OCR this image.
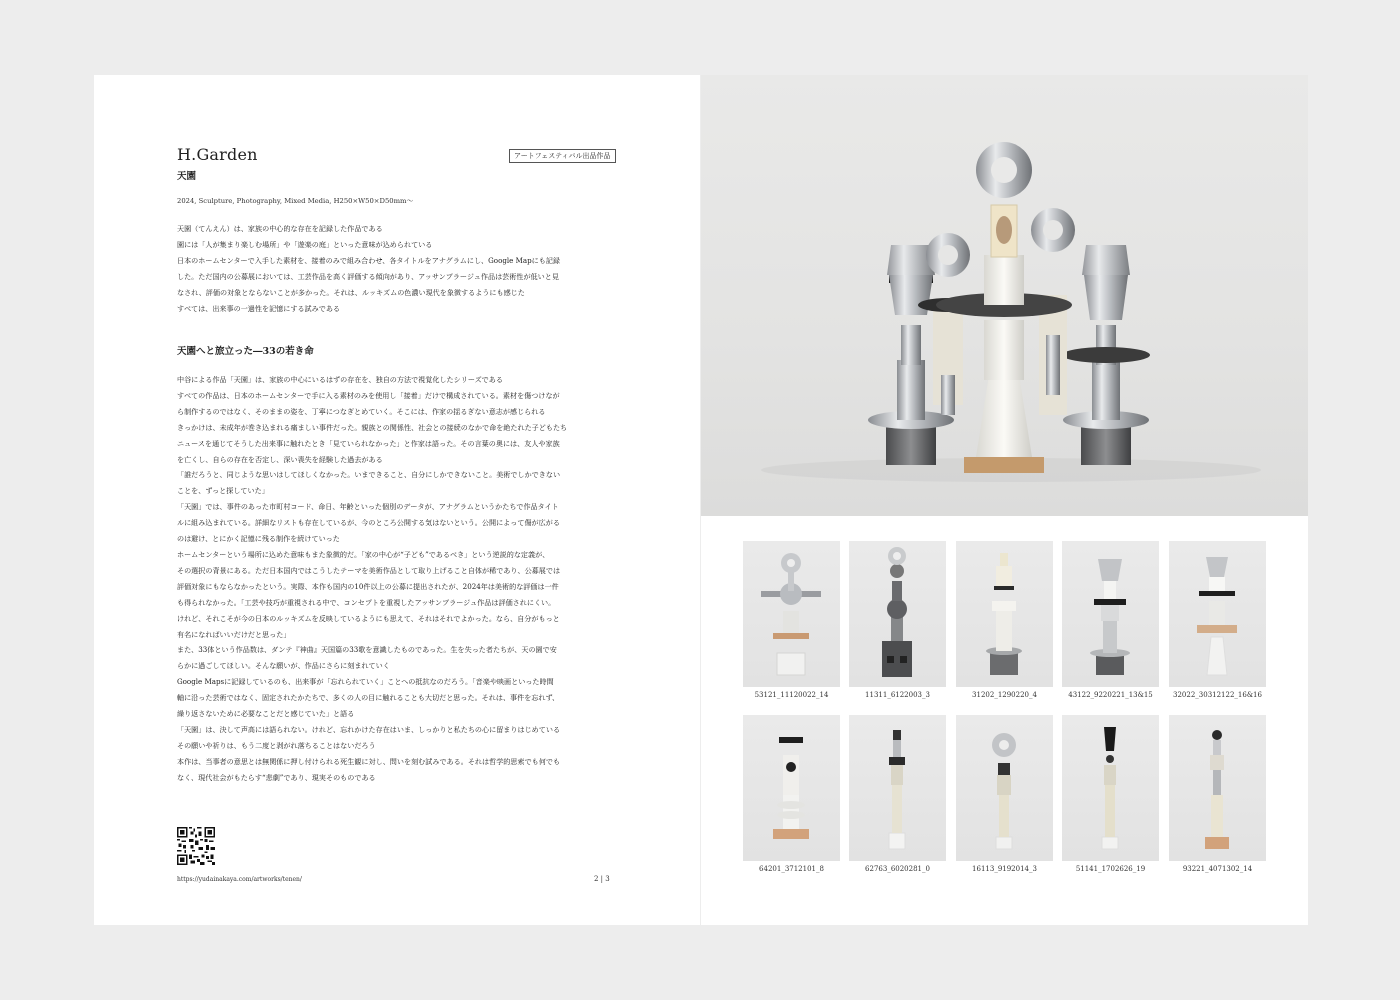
H.Garden
天園
アートフェスティバル出品作品
2024, Sculpture, Photography, Mixed Media, H250×W50×D50mm〜

天園（てんえん）は、家族の中心的な存在を記録した作品である

園には「人が集まり楽しむ場所」や「遊楽の庭」といった意味が込められている

日本のホームセンターで入手した素材を、接着のみで組み合わせ、各タイトルをアナグラムにし、Google Mapにも記録

した。ただ国内の公募展においては、工芸作品を高く評価する傾向があり、アッサンブラージュ作品は芸術性が低いと見

なされ、評価の対象とならないことが多かった。それは、ルッキズムの色濃い現代を象徴するようにも感じた

すべては、出来事の一過性を記憶にする試みである

天園へと旅立った―33の若き命

中谷による作品「天園」は、家族の中心にいるはずの存在を、独自の方法で視覚化したシリーズである

すべての作品は、日本のホームセンターで手に入る素材のみを使用し「接着」だけで構成されている。素材を傷つけなが

ら制作するのではなく、そのままの姿を、丁寧につなぎとめていく。そこには、作家の揺るぎない意志が感じられる

きっかけは、未成年が巻き込まれる痛ましい事件だった。親族との関係性、社会との接続のなかで命を絶たれた子どもたち

ニュースを通じてそうした出来事に触れたとき「見ていられなかった」と作家は語った。その言葉の奥には、友人や家族

を亡くし、自らの存在を否定し、深い喪失を経験した過去がある

「誰だろうと、同じような思いはしてほしくなかった。いまできること、自分にしかできないこと。美術でしかできない

ことを、ずっと探していた」

「天園」では、事件のあった市町村コード、命日、年齢といった個別のデータが、アナグラムというかたちで作品タイト

ルに組み込まれている。詳細なリストも存在しているが、今のところ公開する気はないという。公開によって傷が広がる

のは避け、とにかく記憶に残る制作を続けていった

ホームセンターという場所に込めた意味もまた象徴的だ。「家の中心が“子ども”であるべき」という逆説的な定義が、

その選択の背景にある。ただ日本国内ではこうしたテーマを美術作品として取り上げること自体が稀であり、公募展では

評価対象にもならなかったという。実際、本作も国内の10件以上の公募に提出されたが、2024年は美術的な評価は一件

も得られなかった。「工芸や技巧が重視される中で、コンセプトを重視したアッサンブラージュ作品は評価されにくい。

けれど、それこそが今の日本のルッキズムを反映しているようにも思えて、それはそれでよかった。なら、自分がもっと

有名になればいいだけだと思った」

また、33体という作品数は、ダンテ『神曲』天国篇の33歌を意識したものであった。生を失った者たちが、天の園で安

らかに過ごしてほしい。そんな願いが、作品にさらに刻まれていく

Google Mapsに記録しているのも、出来事が「忘れられていく」ことへの抵抗なのだろう。「音楽や映画といった時間

軸に沿った芸術ではなく、固定されたかたちで、多くの人の目に触れることも大切だと思った。それは、事件を忘れず、

繰り返さないために必要なことだと感じていた」と語る

「天園」は、決して声高には語られない。けれど、忘れかけた存在はいま、しっかりと私たちの心に留まりはじめている

その願いや祈りは、もう二度と剥がれ落ちることはないだろう

本作は、当事者の意思とは無関係に押し付けられる死生観に対し、問いを刻む試みである。それは哲学的思索でも何でも

なく、現代社会がもたらす“悲劇”であり、現実そのものである

https://yudainakaya.com/artworks/tenen/	2 | 3
53121_11120022_14	11311_6122003_3	31202_1290220_4	43122_9220221_13&15	32022_30312122_16&16
64201_3712101_8	62763_6020281_0	16113_9192014_3	51141_1702626_19	93221_4071302_14
